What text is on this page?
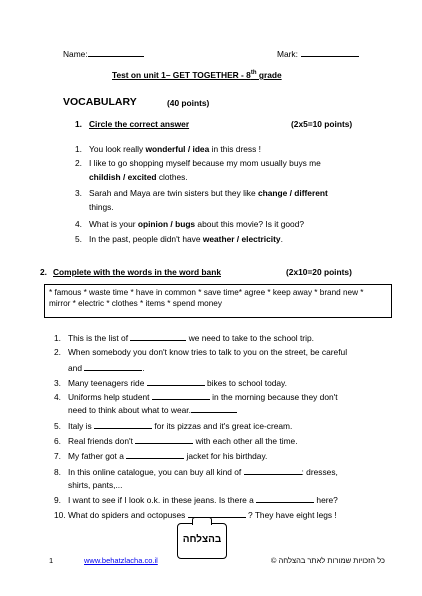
Name:	Mark:
Test on unit 1– GET TOGETHER - 8th grade
VOCABULARY	(40 points)
1. Circle the correct answer	(2x5=10 points)
1. You look really wonderful / idea in this dress !
2. I like to go shopping myself because my mom usually buys me
childish / excited clothes.
3. Sarah and Maya are twin sisters but they like change / different
things.
4. What is your opinion / bugs about this movie? Is it good?
5. In the past, people didn't have weather / electricity.
2. Complete with the words in the word bank	(2x10=20 points)
* famous * waste time * have in common * save time* agree * keep away * brand new * mirror * electric * clothes * items * spend money
1. This is the list of	we need to take to the school trip.
2. When somebody you don't know tries to talk to you on the street, be careful
and	.
3. Many teenagers ride	bikes to school today.
4. Uniforms help student	in the morning because they don't
need to think about what to wear.
5. Italy is	for its pizzas and it's great ice-cream.
6. Real friends don't	with each other all the time.
7. My father got a	jacket for his birthday.
8. In this online catalogue, you can buy all kind of	: dresses,
shirts, pants,...
9. I want to see if I look o.k. in these jeans. Is there a	here?
10. What do spiders and octopuses	? They have eight legs !
בהצלחה
1	www.behatzlacha.co.il	כל הזכויות שמורות לאתר בהצלחה ©
